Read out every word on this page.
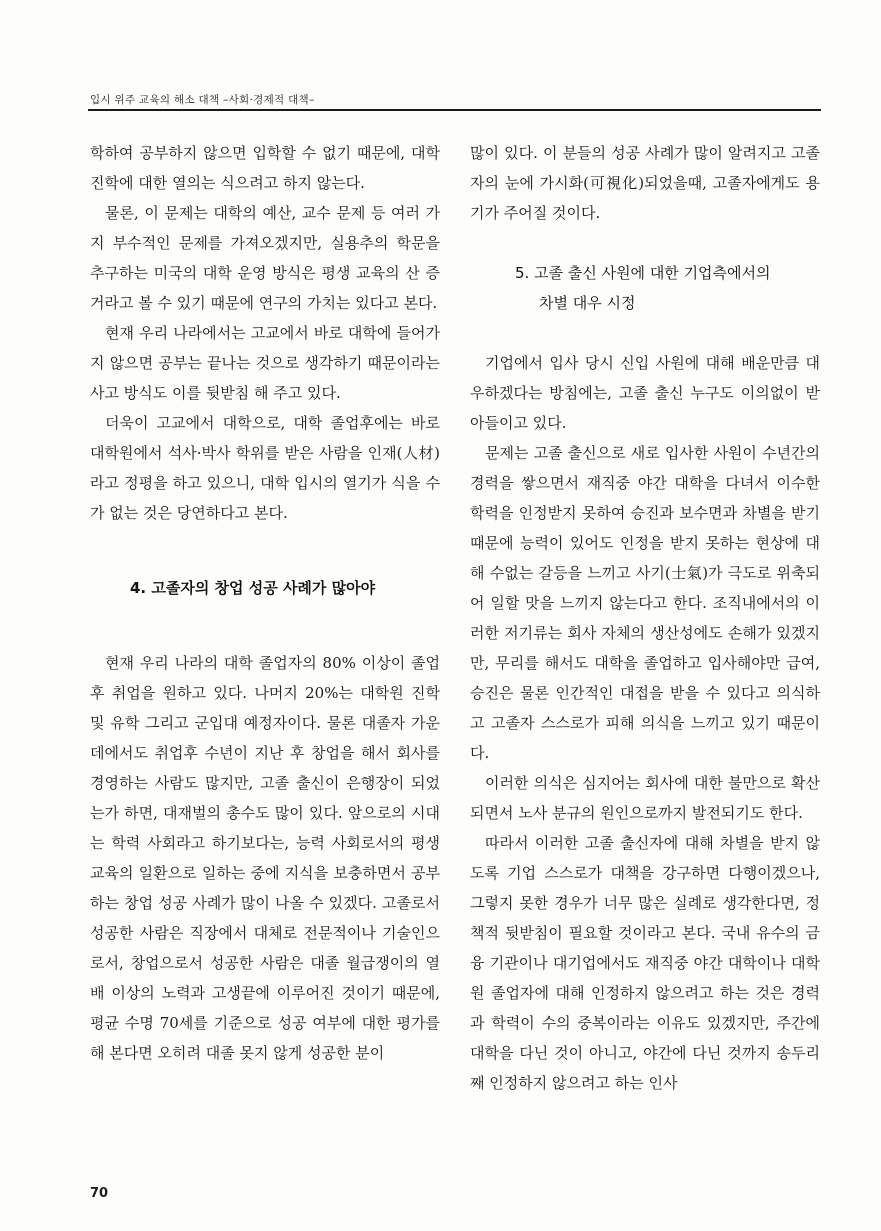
입시 위주 교육의 해소 대책 –사회·경제적 대책–

학하여 공부하지 않으면 입학할 수 없기 때문에, 대학 진학에 대한 열의는 식으려고 하지 않는다.

물론, 이 문제는 대학의 예산, 교수 문제 등 여러 가지 부수적인 문제를 가져오겠지만, 실용추의 학문을 추구하는 미국의 대학 운영 방식은 평생 교육의 산 증거라고 볼 수 있기 때문에 연구의 가치는 있다고 본다.

현재 우리 나라에서는 고교에서 바로 대학에 들어가지 않으면 공부는 끝나는 것으로 생각하기 때문이라는 사고 방식도 이를 뒷받침 해 주고 있다.

더욱이 고교에서 대학으로, 대학 졸업후에는 바로 대학원에서 석사·박사 학위를 받은 사람을 인재(人材)라고 정평을 하고 있으니, 대학 입시의 열기가 식을 수가 없는 것은 당연하다고 본다.

4. 고졸자의 창업 성공 사례가 많아야

현재 우리 나라의 대학 졸업자의 80% 이상이 졸업후 취업을 원하고 있다. 나머지 20%는 대학원 진학 및 유학 그리고 군입대 예정자이다. 물론 대졸자 가운데에서도 취업후 수년이 지난 후 창업을 해서 회사를 경영하는 사람도 많지만, 고졸 출신이 은행장이 되었는가 하면, 대재벌의 총수도 많이 있다. 앞으로의 시대는 학력 사회라고 하기보다는, 능력 사회로서의 평생교육의 일환으로 일하는 중에 지식을 보충하면서 공부하는 창업 성공 사례가 많이 나올 수 있겠다. 고졸로서 성공한 사람은 직장에서 대체로 전문적이나 기술인으로서, 창업으로서 성공한 사람은 대졸 월급쟁이의 열배 이상의 노력과 고생끝에 이루어진 것이기 때문에, 평균 수명 70세를 기준으로 성공 여부에 대한 평가를 해 본다면 오히려 대졸 못지 않게 성공한 분이

많이 있다. 이 분들의 성공 사례가 많이 알려지고 고졸자의 눈에 가시화(可視化)되었을때, 고졸자에게도 용기가 주어질 것이다.

5. 고졸 출신 사원에 대한 기업측에서의
차별 대우 시정

기업에서 입사 당시 신입 사원에 대해 배운만큼 대우하겠다는 방침에는, 고졸 출신 누구도 이의없이 받아들이고 있다.

문제는 고졸 출신으로 새로 입사한 사원이 수년간의 경력을 쌓으면서 재직중 야간 대학을 다녀서 이수한 학력을 인정받지 못하여 승진과 보수면과 차별을 받기 때문에 능력이 있어도 인정을 받지 못하는 현상에 대해 수없는 갈등을 느끼고 사기(士氣)가 극도로 위축되어 일할 맛을 느끼지 않는다고 한다. 조직내에서의 이러한 저기류는 회사 자체의 생산성에도 손해가 있겠지만, 무리를 해서도 대학을 졸업하고 입사해야만 급여, 승진은 물론 인간적인 대접을 받을 수 있다고 의식하고 고졸자 스스로가 피해 의식을 느끼고 있기 때문이다.

이러한 의식은 심지어는 회사에 대한 불만으로 확산되면서 노사 분규의 원인으로까지 발전되기도 한다.

따라서 이러한 고졸 출신자에 대해 차별을 받지 않도록 기업 스스로가 대책을 강구하면 다행이겠으나, 그렇지 못한 경우가 너무 많은 실례로 생각한다면, 정책적 뒷받침이 필요할 것이라고 본다. 국내 유수의 금융 기관이나 대기업에서도 재직중 야간 대학이나 대학원 졸업자에 대해 인정하지 않으려고 하는 것은 경력과 학력이 수의 중복이라는 이유도 있겠지만, 주간에 대학을 다닌 것이 아니고, 야간에 다닌 것까지 송두리째 인정하지 않으려고 하는 인사

70
